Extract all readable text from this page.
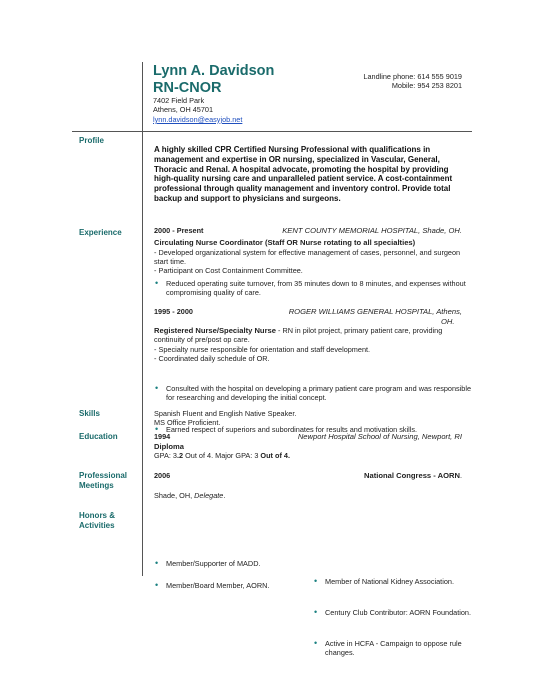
Lynn A. Davidson
RN-CNOR
7402 Field Park
Athens, OH 45701
lynn.davidson@easyjob.net
Landline phone: 614 555 9019
Mobile: 954 253 8201
Profile
Experience
Skills
Education
Professional Meetings
Honors & Activities
A highly skilled CPR Certified Nursing Professional with qualifications in management and expertise in OR nursing, specialized in Vascular, General, Thoracic and Renal. A hospital advocate, promoting the hospital by providing high-quality nursing care and unparalleled patient service. A cost-containment professional through quality management and inventory control. Provide total backup and support to physicians and surgeons.
2000 - Present	KENT COUNTY MEMORIAL HOSPITAL, Shade, OH.
Circulating Nurse Coordinator (Staff OR Nurse rotating to all specialties)
- Developed organizational system for effective management of cases, personnel, and surgeon start time.
- Participant on Cost Containment Committee.
• Reduced operating suite turnover, from 35 minutes down to 8 minutes, and expenses without compromising quality of care.
1995 - 2000	ROGER WILLIAMS GENERAL HOSPITAL, Athens,
OH.
Registered Nurse/Specialty Nurse - RN in pilot project, primary patient care, providing continuity of pre/post op care.
- Specialty nurse responsible for orientation and staff development.
- Coordinated daily schedule of OR.
• Consulted with the hospital on developing a primary patient care program and was responsible for researching and developing the initial concept.
• Earned respect of superiors and subordinates for results and motivation skills.
Spanish Fluent and English Native Speaker.
MS Office Proficient.
1994	Newport Hospital School of Nursing, Newport, RI
Diploma
GPA: 3.2 Out of 4. Major GPA: 3 Out of 4.
2006	National Congress - AORN.
Shade, OH, Delegate.
• Member/Supporter of MADD.
• Member/Board Member, AORN.	• Member of National Kidney Association.
• Century Club Contributor: AORN Foundation.
• Active in HCFA - Campaign to oppose rule changes.
